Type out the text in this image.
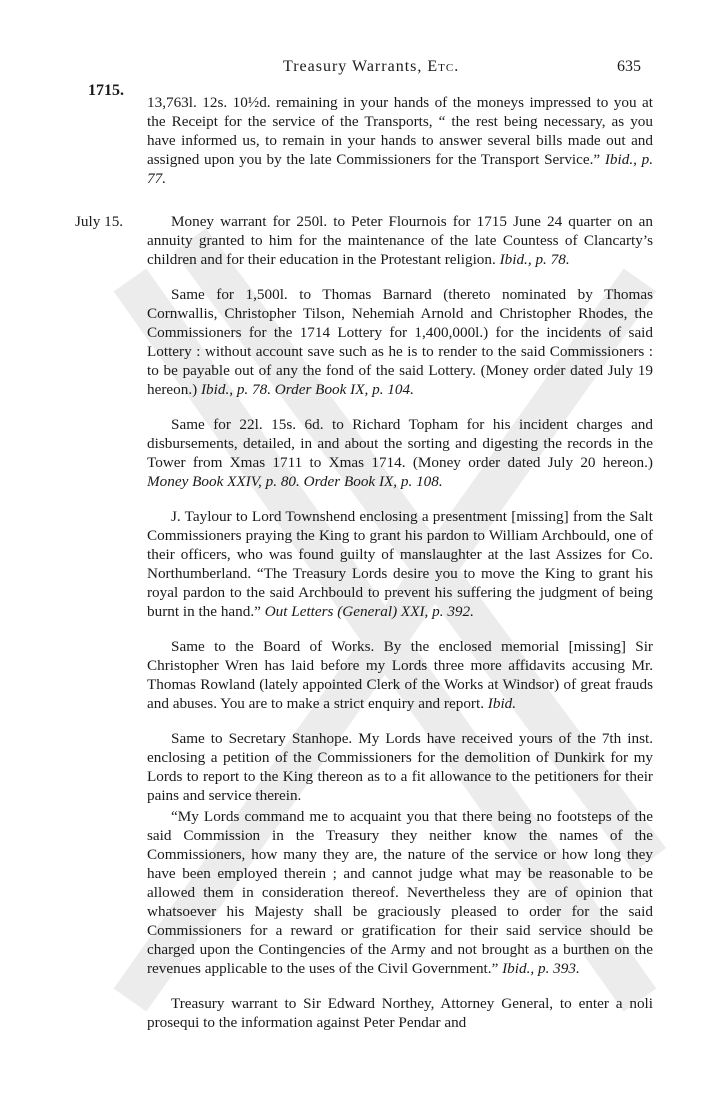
1715.
Treasury Warrants, Etc.	635

13,763l. 12s. 10½d. remaining in your hands of the moneys impressed to you at the Receipt for the service of the Transports, “ the rest being necessary, as you have informed us, to remain in your hands to answer several bills made out and assigned upon you by the late Commissioners for the Transport Service.” Ibid., p. 77.

July 15.	Money warrant for 250l. to Peter Flournois for 1715 June 24 quarter on an annuity granted to him for the maintenance of the late Countess of Clancarty’s children and for their education in the Protestant religion. Ibid., p. 78.

Same for 1,500l. to Thomas Barnard (thereto nominated by Thomas Cornwallis, Christopher Tilson, Nehemiah Arnold and Christopher Rhodes, the Commissioners for the 1714 Lottery for 1,400,000l.) for the incidents of said Lottery : without account save such as he is to render to the said Commissioners : to be payable out of any the fond of the said Lottery. (Money order dated July 19 hereon.) Ibid., p. 78. Order Book IX, p. 104.

Same for 22l. 15s. 6d. to Richard Topham for his incident charges and disbursements, detailed, in and about the sorting and digesting the records in the Tower from Xmas 1711 to Xmas 1714. (Money order dated July 20 hereon.) Money Book XXIV, p. 80. Order Book IX, p. 108.

J. Taylour to Lord Townshend enclosing a presentment [missing] from the Salt Commissioners praying the King to grant his pardon to William Archbould, one of their officers, who was found guilty of manslaughter at the last Assizes for Co. Northumberland. “The Treasury Lords desire you to move the King to grant his royal pardon to the said Archbould to prevent his suffering the judgment of being burnt in the hand.” Out Letters (General) XXI, p. 392.

Same to the Board of Works. By the enclosed memorial [missing] Sir Christopher Wren has laid before my Lords three more affidavits accusing Mr. Thomas Rowland (lately appointed Clerk of the Works at Windsor) of great frauds and abuses. You are to make a strict enquiry and report. Ibid.

Same to Secretary Stanhope. My Lords have received yours of the 7th inst. enclosing a petition of the Commissioners for the demolition of Dunkirk for my Lords to report to the King thereon as to a fit allowance to the petitioners for their pains and service therein.

“My Lords command me to acquaint you that there being no footsteps of the said Commission in the Treasury they neither know the names of the Commissioners, how many they are, the nature of the service or how long they have been employed therein ; and cannot judge what may be reasonable to be allowed them in consideration thereof. Nevertheless they are of opinion that whatsoever his Majesty shall be graciously pleased to order for the said Commissioners for a reward or gratification for their said service should be charged upon the Contingencies of the Army and not brought as a burthen on the revenues applicable to the uses of the Civil Government.” Ibid., p. 393.

Treasury warrant to Sir Edward Northey, Attorney General, to enter a noli prosequi to the information against Peter Pendar and
